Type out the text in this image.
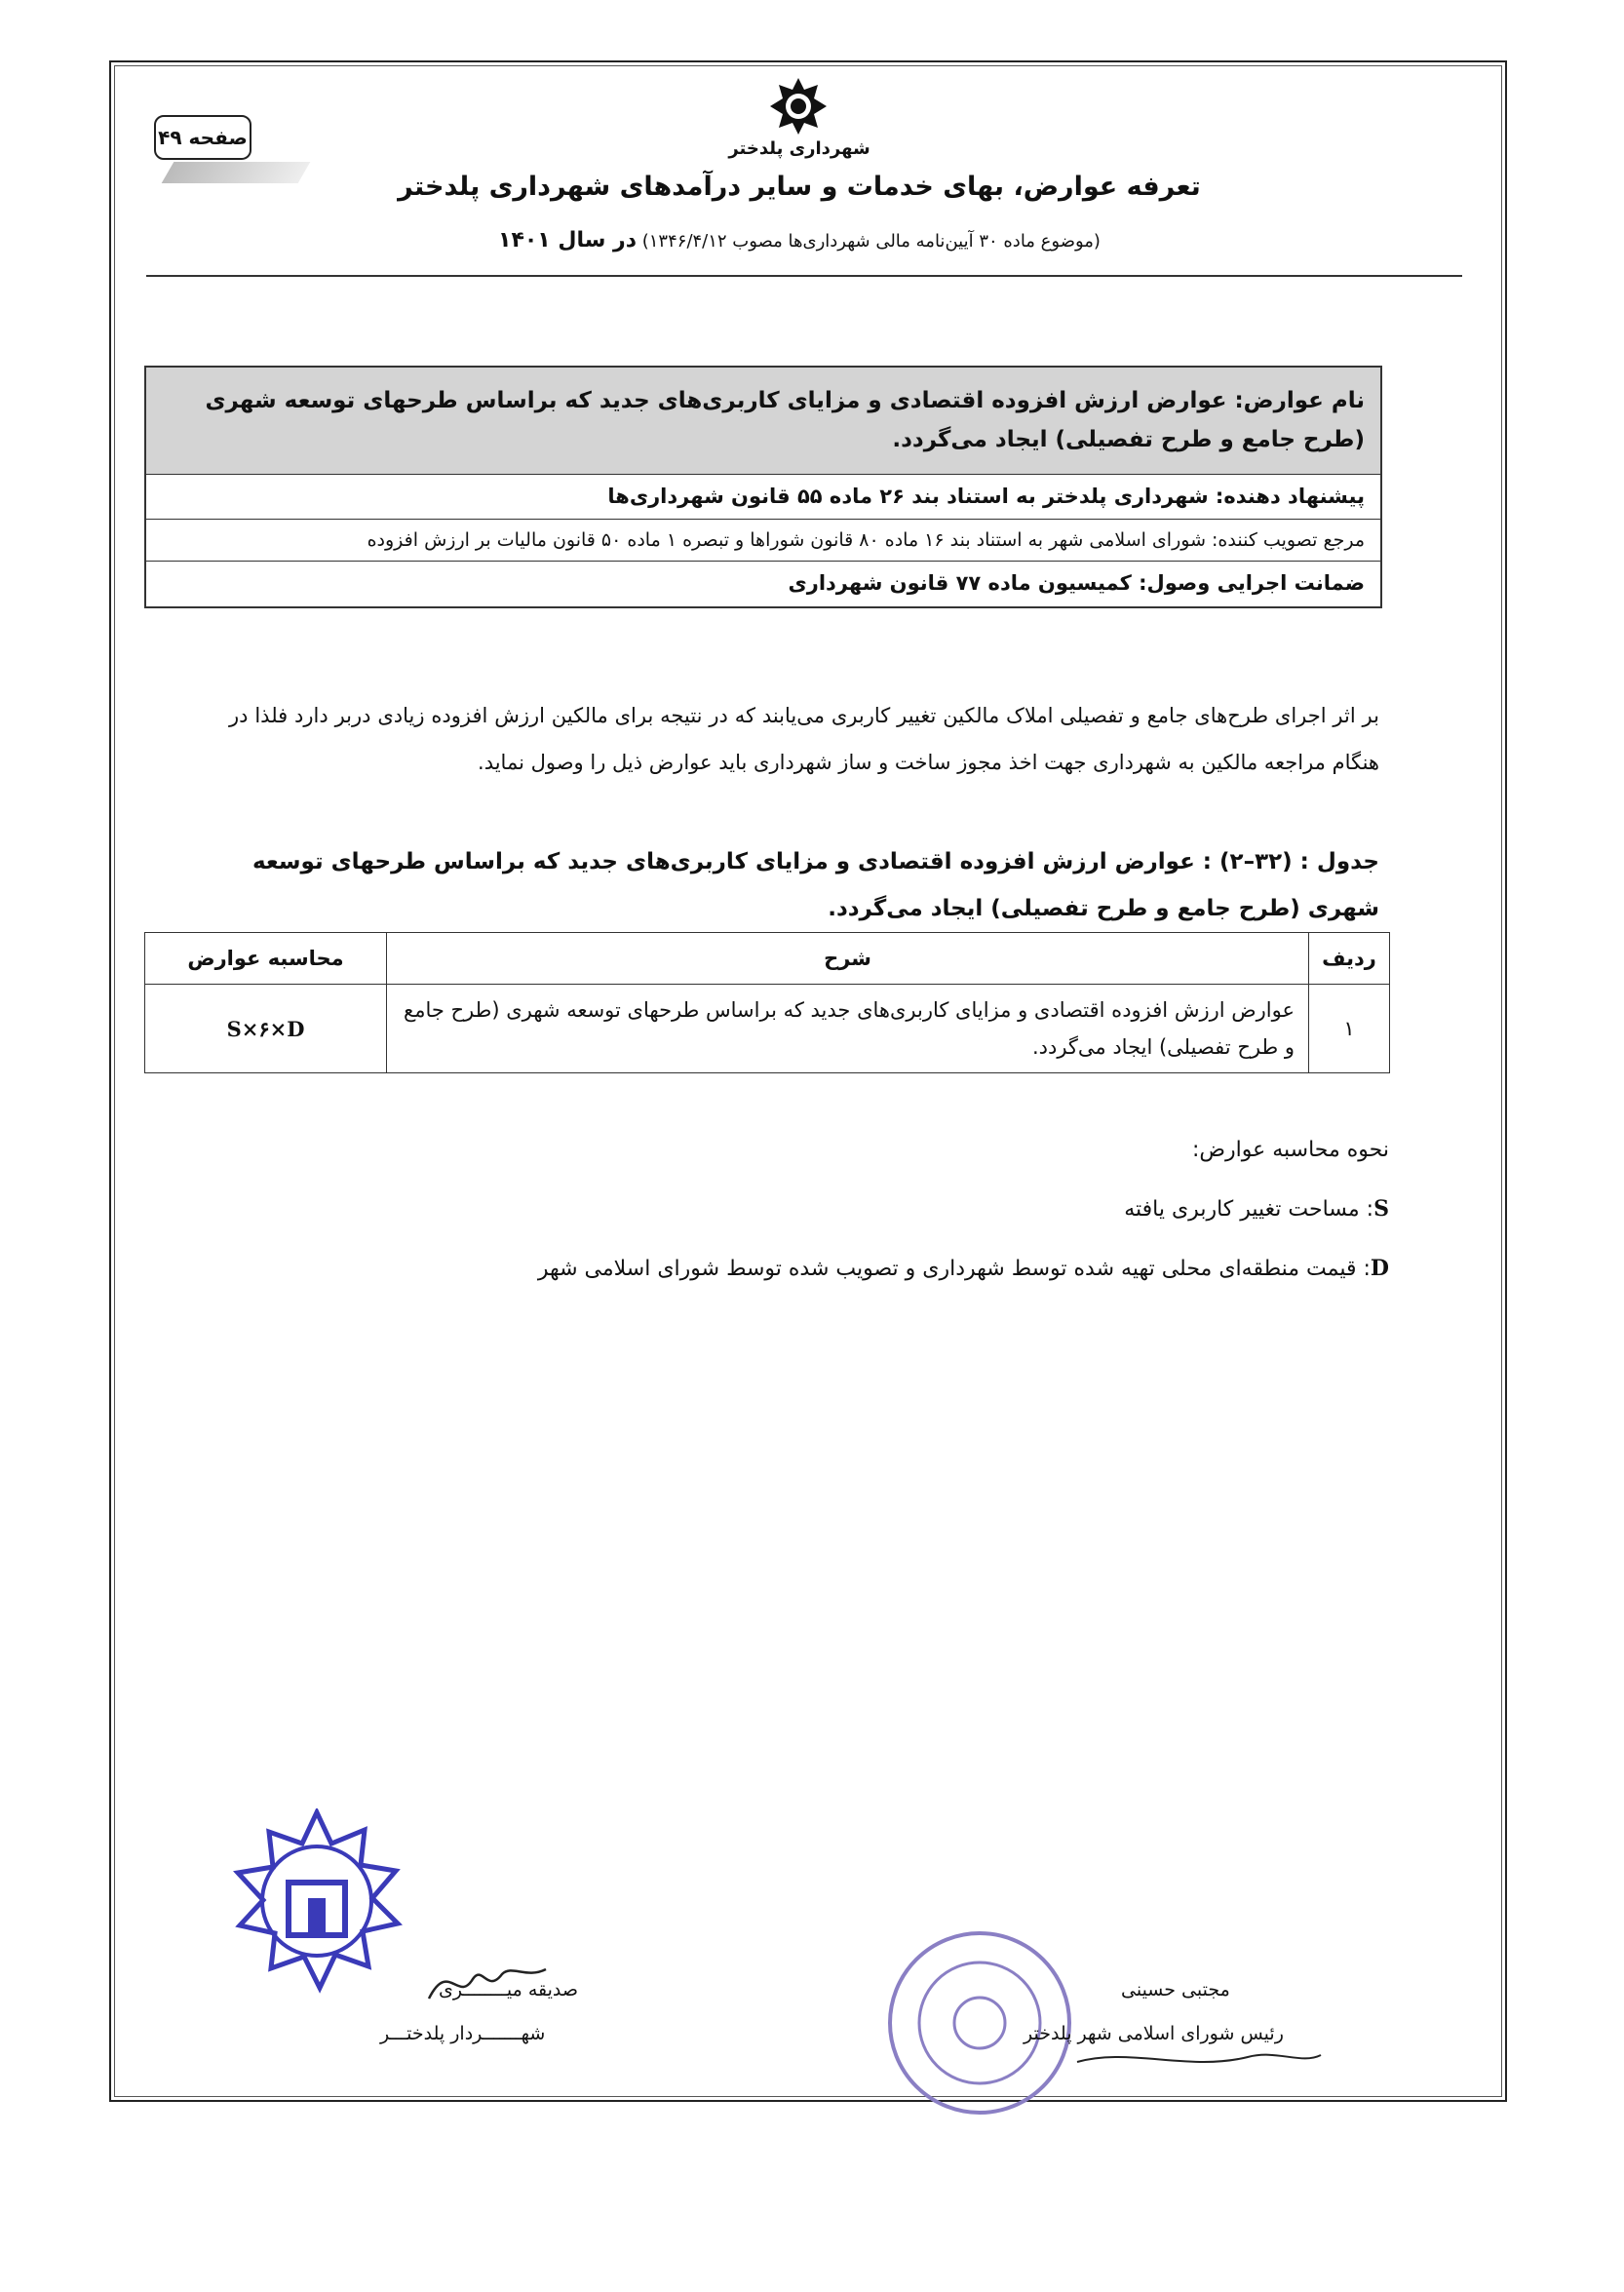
صفحه ۴۹	شهرداری پلدختر
تعرفه عوارض، بهای خدمات و سایر درآمدهای شهرداری پلدختر
(موضوع ماده ۳۰ آیین‌نامه مالی شهرداری‌ها مصوب ۱۳۴۶/۴/۱۲) در سال ۱۴۰۱
نام عوارض: عوارض ارزش افزوده اقتصادی و مزایای کاربری‌های جدید که براساس طرحهای توسعه شهری (طرح جامع و طرح تفصیلی) ایجاد می‌گردد.
پیشنهاد دهنده: شهرداری پلدختر به استناد بند ۲۶ ماده ۵۵ قانون شهرداری‌ها
مرجع تصویب کننده: شورای اسلامی شهر به استناد بند ۱۶ ماده ۸۰ قانون شوراها و تبصره ۱ ماده ۵۰ قانون مالیات بر ارزش افزوده
ضمانت اجرایی وصول: کمیسیون ماده ۷۷ قانون شهرداری
بر اثر اجرای طرح‌های جامع و تفصیلی املاک مالکین تغییر کاربری می‌یابند که در نتیجه برای مالکین ارزش افزوده زیادی دربر دارد فلذا در هنگام مراجعه مالکین به شهرداری جهت اخذ مجوز ساخت و ساز شهرداری باید عوارض ذیل را وصول نماید.
جدول : (۳۲–۲) : عوارض ارزش افزوده اقتصادی و مزایای کاربری‌های جدید که براساس طرحهای توسعه شهری (طرح جامع و طرح تفصیلی) ایجاد می‌گردد.
ردیف	شرح	محاسبه عوارض
۱	عوارض ارزش افزوده اقتصادی و مزایای کاربری‌های جدید که براساس طرحهای توسعه شهری (طرح جامع و طرح تفصیلی) ایجاد می‌گردد.	S×۶×D
نحوه محاسبه عوارض:
S: مساحت تغییر کاربری یافته
D: قیمت منطقه‌ای محلی تهیه شده توسط شهرداری و تصویب شده توسط شورای اسلامی شهر
صدیقه میــــــــری
شهـــــــردار پلدختـــر
مجتبی حسینی
رئیس شورای اسلامی شهر پلدختر
